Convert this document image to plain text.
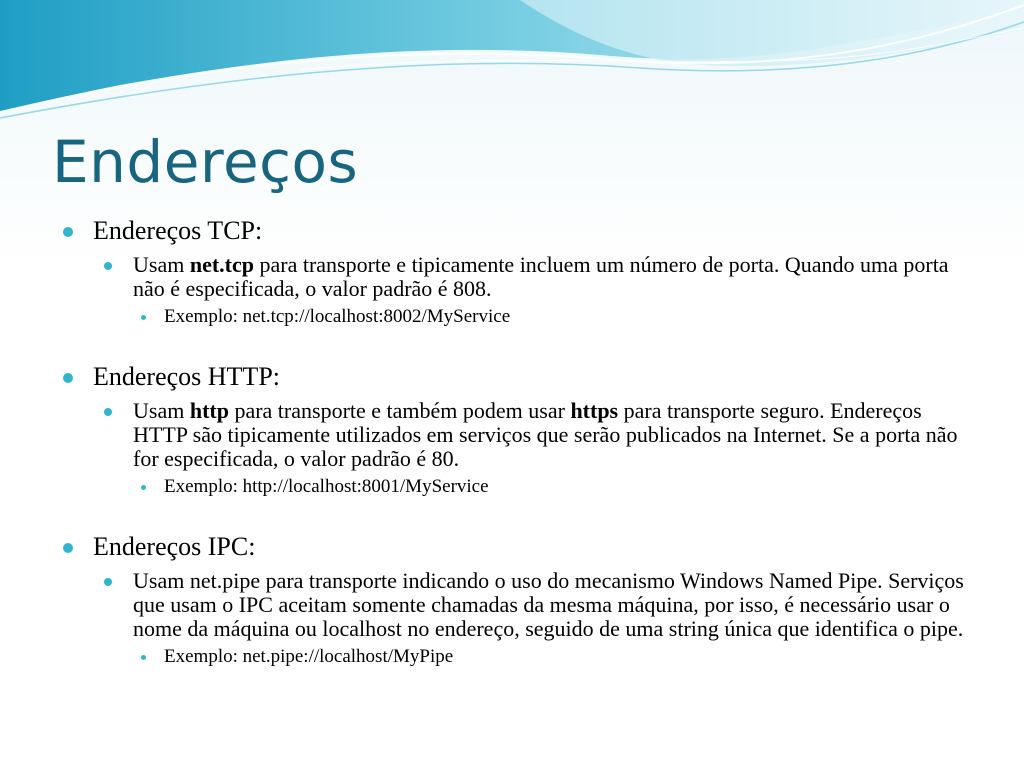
Endereços
Endereços TCP:
Usam net.tcp para transporte e tipicamente incluem um número de porta. Quando uma porta não é especificada, o valor padrão é 808.
Exemplo: net.tcp://localhost:8002/MyService
Endereços HTTP:
Usam http para transporte e também podem usar https para transporte seguro. Endereços HTTP são tipicamente utilizados em serviços que serão publicados na Internet. Se a porta não for especificada, o valor padrão é 80.
Exemplo: http://localhost:8001/MyService
Endereços IPC:
Usam net.pipe para transporte indicando o uso do mecanismo Windows Named Pipe. Serviços que usam o IPC aceitam somente chamadas da mesma máquina, por isso, é necessário usar o nome da máquina ou localhost no endereço, seguido de uma string única que identifica o pipe.
Exemplo: net.pipe://localhost/MyPipe
